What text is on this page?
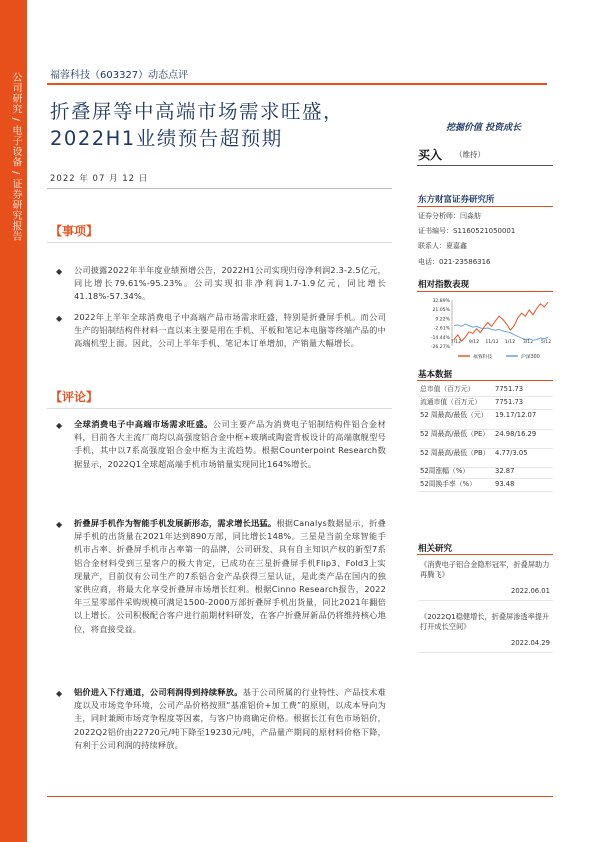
公司研究 / 电子设备 / 证券研究报告	福蓉科技（603327）动态点评
折叠屏等中高端市场需求旺盛，
2022H1业绩预告超预期	挖掘价值 投资成长
2022 年 07 月 12 日
【事项】
◆ 公司披露2022年半年度业绩预增公告，2022H1公司实现归母净利润2.3-2.5亿元，同比增长79.61%-95.23%。公司实现扣非净利润1.7-1.9亿元，同比增长41.18%-57.34%。
◆ 2022年上半年全球消费电子中高端产品市场需求旺盛，特别是折叠屏手机。而公司生产的铝制结构件材料一直以来主要是用在手机、平板和笔记本电脑等终端产品的中高端机型上面。因此，公司上半年手机、笔记本订单增加，产销量大幅增长。
【评论】
◆ 全球消费电子中高端市场需求旺盛。公司主要产品为消费电子铝制结构件铝合金材料，目前各大主流厂商均以高强度铝合金中框+玻璃或陶瓷背板设计的高端旗舰型号手机，其中以7系高强度铝合金中框为主流趋势。根据Counterpoint Research数据显示，2022Q1全球超高端手机市场销量实现同比164%增长。
◆ 折叠屏手机作为智能手机发展新形态，需求增长迅猛。根据Canalys数据显示，折叠屏手机的出货量在2021年达到890万部，同比增长148%。三星是当前全球智能手机市占率、折叠屏手机市占率第一的品牌，公司研发、具有自主知识产权的新型7系铝合金材料受到三星客户的极大肯定，已成功在三星折叠屏手机Flip3、Fold3上实现量产，目前仅有公司生产的7系铝合金产品获得三星认证，是此类产品在国内的独家供应商，将最大化享受折叠屏市场增长红利。根据Cinno Research报告，2022年三星零部件采购规模可满足1500-2000万部折叠屏手机出货量，同比2021年翻倍以上增长。公司积极配合客户进行前期材料研发，在客户折叠屏新品仍将维持核心地位，将直接受益。
◆ 铝价进入下行通道，公司利润得到持续释放。基于公司所属的行业特性、产品技术难度以及市场竞争环境，公司产品价格按照“基准铝价+加工费”的原则，以成本导向为主，同时兼顾市场竞争程度等因素，与客户协商确定价格。根据长江有色市场铝价，2022Q2铝价由22720元/吨下降至19230元/吨，产品量产期间的原材料价格下降，有利于公司利润的持续释放。
买入 （维持）
东方财富证券研究所
证券分析师：闫淼舫
证书编号：S1160521050001
联系人：夏嘉鑫
电话：021-23586316
相对指数表现
32.89%
21.05%
9.22%
-2.61%
-14.44%
-26.27%
7/12 9/12 11/12 1/12 3/12 5/12
福蓉科技	沪深300
基本数据
总市值（百万元）	7751.73
流通市值（百万元）	7751.73
52 周最高/最低（元）	19.17/12.07
52 周最高/最低（PE） 24.98/16.29
52 周最高/最低（PB） 4.77/3.05
52周涨幅（%）	32.87
52周换手率（%）	93.48
相关研究
《消费电子铝合金隐形冠军，折叠屏助力再腾飞》
2022.06.01
《2022Q1稳健增长，折叠屏渗透率提升打开成长空间》
2022.04.29
